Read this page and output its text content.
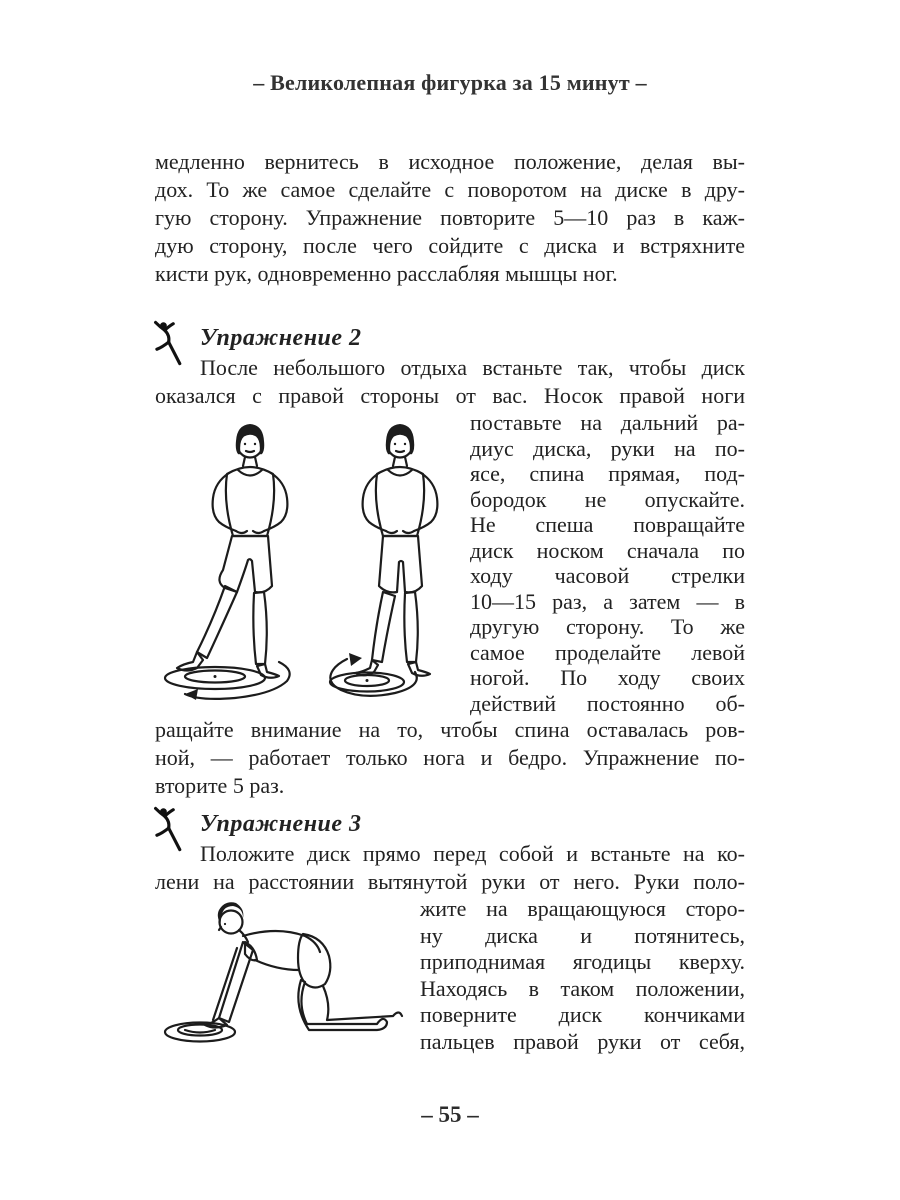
– Великолепная фигурка за 15 минут –
медленно вернитесь в исходное положение, делая вы-
дох. То же самое сделайте с поворотом на диске в дру-
гую сторону. Упражнение повторите 5—10 раз в каж-
дую сторону, после чего сойдите с диска и встряхните
кисти рук, одновременно расслабляя мышцы ног.
Упражнение 2
После небольшого отдыха встаньте так, чтобы диск
оказался с правой стороны от вас. Носок правой ноги
поставьте на дальний ра-
диус диска, руки на по-
ясе, спина прямая, под-
бородок не опускайте.
Не спеша повращайте
диск носком сначала по
ходу часовой стрелки
10—15 раз, а затем — в
другую сторону. То же
самое проделайте левой
ногой. По ходу своих
действий постоянно об-
ращайте внимание на то, чтобы спина оставалась ров-
ной, — работает только нога и бедро. Упражнение по-
вторите 5 раз.
Упражнение 3
Положите диск прямо перед собой и встаньте на ко-
лени на расстоянии вытянутой руки от него. Руки поло-
жите на вращающуюся сторо-
ну диска и потянитесь,
приподнимая ягодицы кверху.
Находясь в таком положении,
поверните диск кончиками
пальцев правой руки от себя,
– 55 –
